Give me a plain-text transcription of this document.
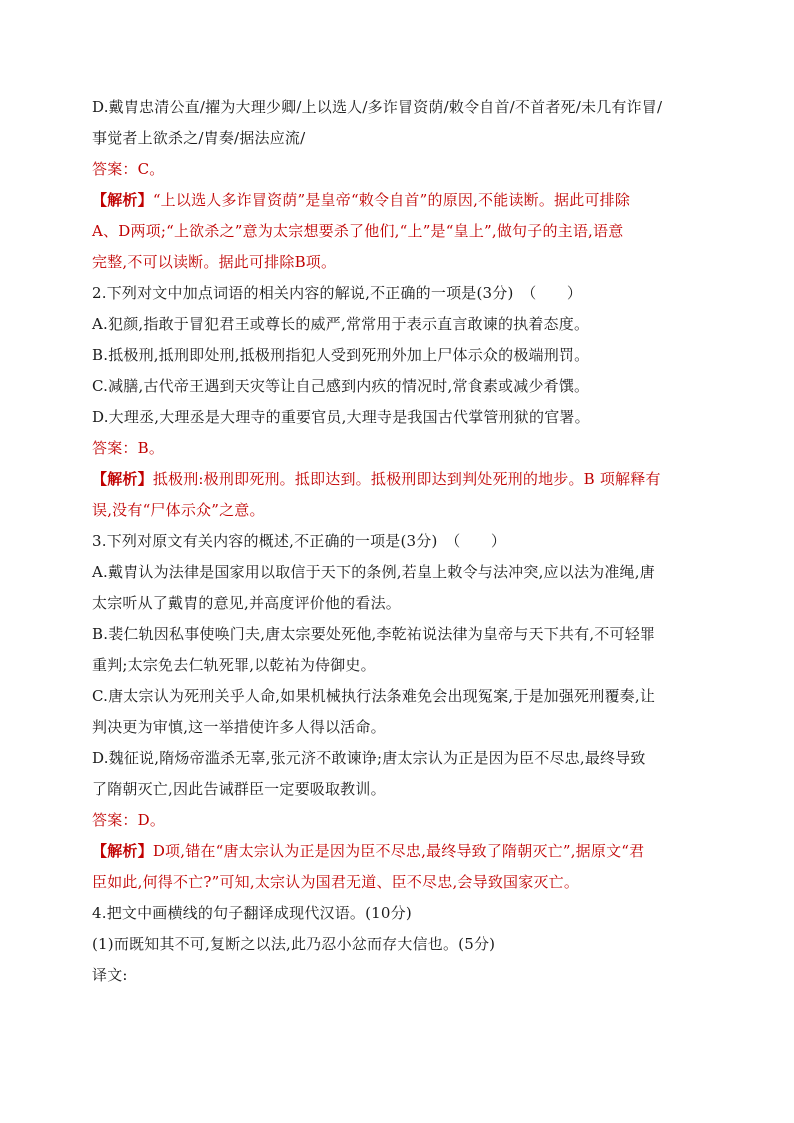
D.戴胄忠清公直/擢为大理少卿/上以选人/多诈冒资荫/敕令自首/不首者死/未几有诈冒/
事觉者上欲杀之/胄奏/据法应流/
答案：C。
【解析】“上以选人多诈冒资荫”是皇帝“敕令自首”的原因,不能读断。据此可排除
A、D两项;“上欲杀之”意为太宗想要杀了他们,“上”是“皇上”,做句子的主语,语意
完整,不可以读断。据此可排除B项。
2.下列对文中加点词语的相关内容的解说,不正确的一项是(3分)　（　　）
A.犯颜,指敢于冒犯君王或尊长的威严,常常用于表示直言敢谏的执着态度。
B.抵极刑,抵刑即处刑,抵极刑指犯人受到死刑外加上尸体示众的极端刑罚。
C.减膳,古代帝王遇到天灾等让自己感到内疚的情况时,常食素或减少肴馔。
D.大理丞,大理丞是大理寺的重要官员,大理寺是我国古代掌管刑狱的官署。
答案：B。
【解析】抵极刑:极刑即死刑。抵即达到。抵极刑即达到判处死刑的地步。B 项解释有
误,没有“尸体示众”之意。
3.下列对原文有关内容的概述,不正确的一项是(3分)　（　　）
A.戴胄认为法律是国家用以取信于天下的条例,若皇上敕令与法冲突,应以法为准绳,唐
太宗听从了戴胄的意见,并高度评价他的看法。
B.裴仁轨因私事使唤门夫,唐太宗要处死他,李乾祐说法律为皇帝与天下共有,不可轻罪
重判;太宗免去仁轨死罪,以乾祐为侍御史。
C.唐太宗认为死刑关乎人命,如果机械执行法条难免会出现冤案,于是加强死刑覆奏,让
判决更为审慎,这一举措使许多人得以活命。
D.魏征说,隋炀帝滥杀无辜,张元济不敢谏诤;唐太宗认为正是因为臣不尽忠,最终导致
了隋朝灭亡,因此告诫群臣一定要吸取教训。
答案：D。
【解析】D项,错在“唐太宗认为正是因为臣不尽忠,最终导致了隋朝灭亡”,据原文“君
臣如此,何得不亡?”可知,太宗认为国君无道、臣不尽忠,会导致国家灭亡。
4.把文中画横线的句子翻译成现代汉语。(10分)
(1)而既知其不可,复断之以法,此乃忍小忿而存大信也。(5分)
译文:
